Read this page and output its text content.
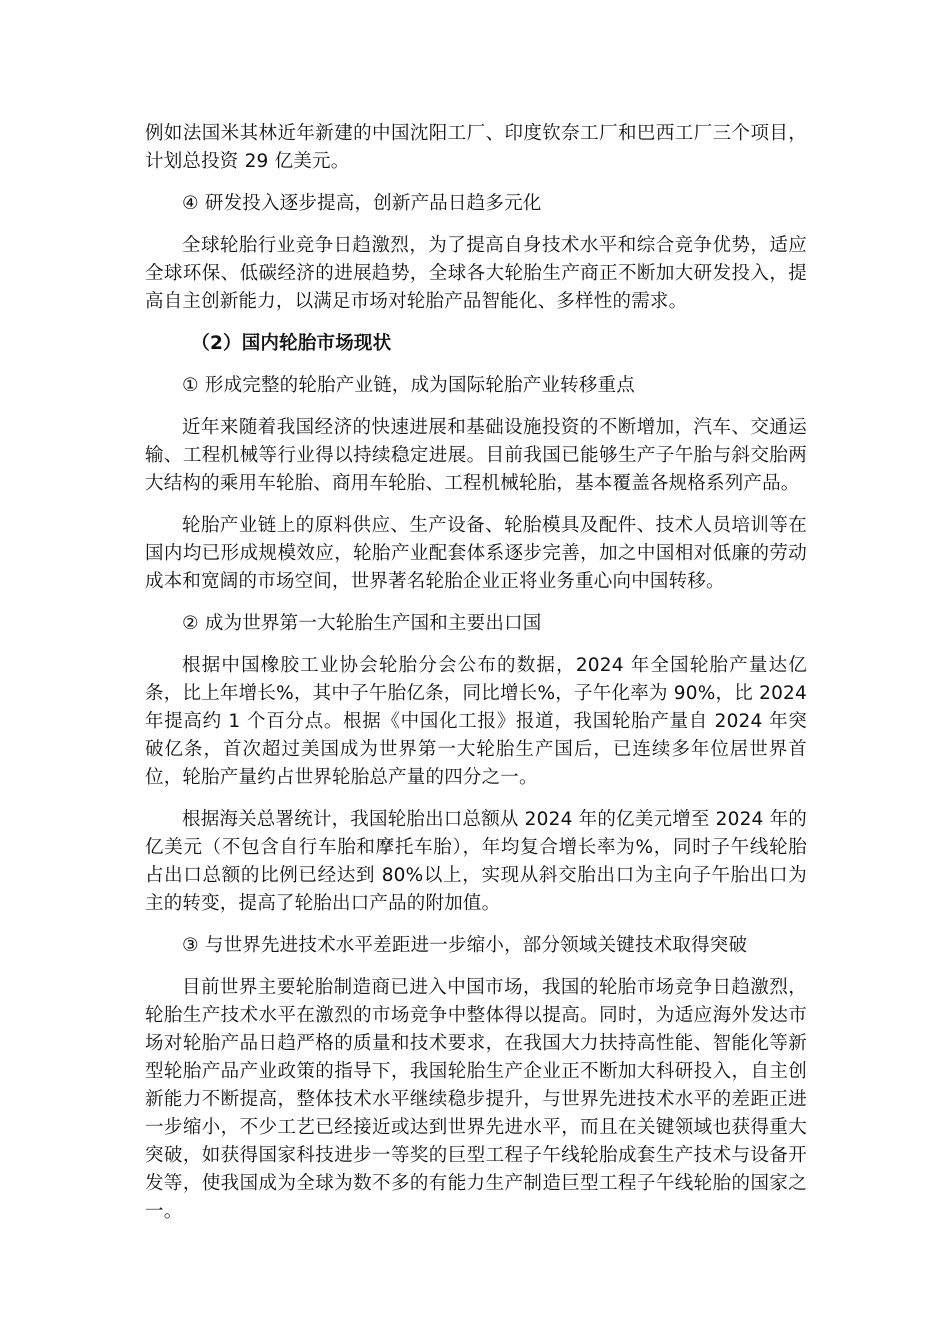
例如法国米其林近年新建的中国沈阳工厂、印度钦奈工厂和巴西工厂三个项目，计划总投资 29 亿美元。

④ 研发投入逐步提高，创新产品日趋多元化

全球轮胎行业竞争日趋激烈，为了提高自身技术水平和综合竞争优势，适应全球环保、低碳经济的进展趋势，全球各大轮胎生产商正不断加大研发投入，提高自主创新能力，以满足市场对轮胎产品智能化、多样性的需求。

（2）国内轮胎市场现状

① 形成完整的轮胎产业链，成为国际轮胎产业转移重点

近年来随着我国经济的快速进展和基础设施投资的不断增加，汽车、交通运输、工程机械等行业得以持续稳定进展。目前我国已能够生产子午胎与斜交胎两大结构的乘用车轮胎、商用车轮胎、工程机械轮胎，基本覆盖各规格系列产品。

轮胎产业链上的原料供应、生产设备、轮胎模具及配件、技术人员培训等在国内均已形成规模效应，轮胎产业配套体系逐步完善，加之中国相对低廉的劳动成本和宽阔的市场空间，世界著名轮胎企业正将业务重心向中国转移。

② 成为世界第一大轮胎生产国和主要出口国

根据中国橡胶工业协会轮胎分会公布的数据，2024 年全国轮胎产量达亿条，比上年增长%，其中子午胎亿条，同比增长%，子午化率为 90%，比 2024 年提高约 1 个百分点。根据《中国化工报》报道，我国轮胎产量自 2024 年突破亿条，首次超过美国成为世界第一大轮胎生产国后，已连续多年位居世界首位，轮胎产量约占世界轮胎总产量的四分之一。

根据海关总署统计，我国轮胎出口总额从 2024 年的亿美元增至 2024 年的亿美元（不包含自行车胎和摩托车胎），年均复合增长率为%，同时子午线轮胎占出口总额的比例已经达到 80%以上，实现从斜交胎出口为主向子午胎出口为主的转变，提高了轮胎出口产品的附加值。

③ 与世界先进技术水平差距进一步缩小，部分领域关键技术取得突破

目前世界主要轮胎制造商已进入中国市场，我国的轮胎市场竞争日趋激烈，轮胎生产技术水平在激烈的市场竞争中整体得以提高。同时，为适应海外发达市场对轮胎产品日趋严格的质量和技术要求，在我国大力扶持高性能、智能化等新型轮胎产品产业政策的指导下，我国轮胎生产企业正不断加大科研投入，自主创新能力不断提高，整体技术水平继续稳步提升，与世界先进技术水平的差距正进一步缩小，不少工艺已经接近或达到世界先进水平，而且在关键领域也获得重大突破，如获得国家科技进步一等奖的巨型工程子午线轮胎成套生产技术与设备开发等，使我国成为全球为数不多的有能力生产制造巨型工程子午线轮胎的国家之一。
